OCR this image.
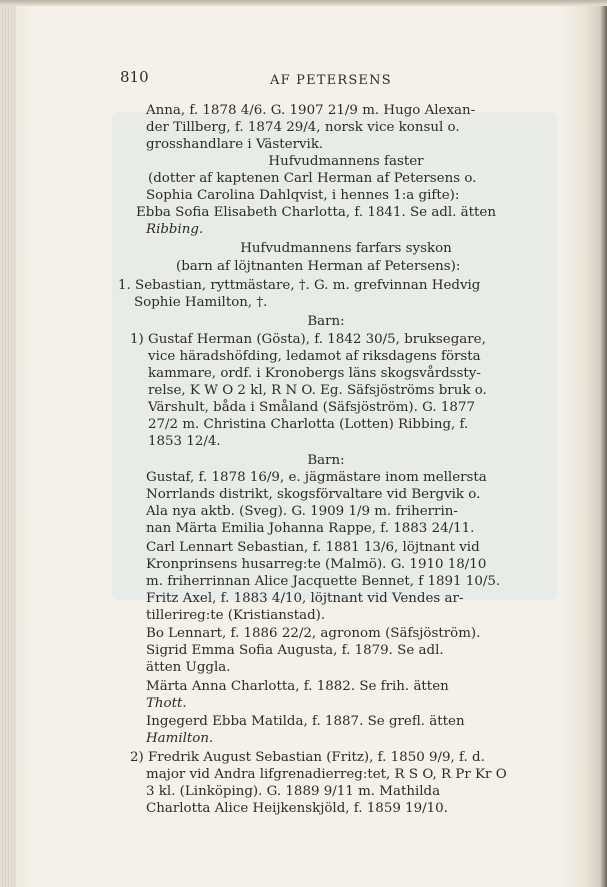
810	AF PETERSENS
Anna, f. 1878 4/6. G. 1907 21/9 m. Hugo Alexan-
der Tillberg, f. 1874 29/4, norsk vice konsul o.
grosshandlare i Västervik.
Hufvudmannens faster
(dotter af kaptenen Carl Herman af Petersens o.
Sophia Carolina Dahlqvist, i hennes 1:a gifte):
Ebba Sofia Elisabeth Charlotta, f. 1841. Se adl. ätten
Ribbing.
Hufvudmannens farfars syskon
(barn af löjtnanten Herman af Petersens):
1. Sebastian, ryttmästare, †. G. m. grefvinnan Hedvig
Sophie Hamilton, †.
Barn:
1) Gustaf Herman (Gösta), f. 1842 30/5, bruksegare,
vice häradshöfding, ledamot af riksdagens första
kammare, ordf. i Kronobergs läns skogsvårdssty-
relse, K W O 2 kl, R N O. Eg. Säfsjöströms bruk o.
Värshult, båda i Småland (Säfsjöström). G. 1877
27/2 m. Christina Charlotta (Lotten) Ribbing, f.
1853 12/4.
Barn:
Gustaf, f. 1878 16/9, e. jägmästare inom mellersta
Norrlands distrikt, skogsförvaltare vid Bergvik o.
Ala nya aktb. (Sveg). G. 1909 1/9 m. friherrin-
nan Märta Emilia Johanna Rappe, f. 1883 24/11.
Carl Lennart Sebastian, f. 1881 13/6, löjtnant vid
Kronprinsens husarreg:te (Malmö). G. 1910 18/10
m. friherrinnan Alice Jacquette Bennet, f 1891 10/5.
Fritz Axel, f. 1883 4/10, löjtnant vid Vendes ar-
tillerireg:te (Kristianstad).
Bo Lennart, f. 1886 22/2, agronom (Säfsjöström).
Sigrid Emma Sofia Augusta, f. 1879. Se adl.
ätten Uggla.
Märta Anna Charlotta, f. 1882. Se frih. ätten
Thott.
Ingegerd Ebba Matilda, f. 1887. Se grefl. ätten
Hamilton.
2) Fredrik August Sebastian (Fritz), f. 1850 9/9, f. d.
major vid Andra lifgrenadierreg:tet, R S O, R Pr Kr O
3 kl. (Linköping). G. 1889 9/11 m. Mathilda
Charlotta Alice Heijkenskjöld, f. 1859 19/10.
